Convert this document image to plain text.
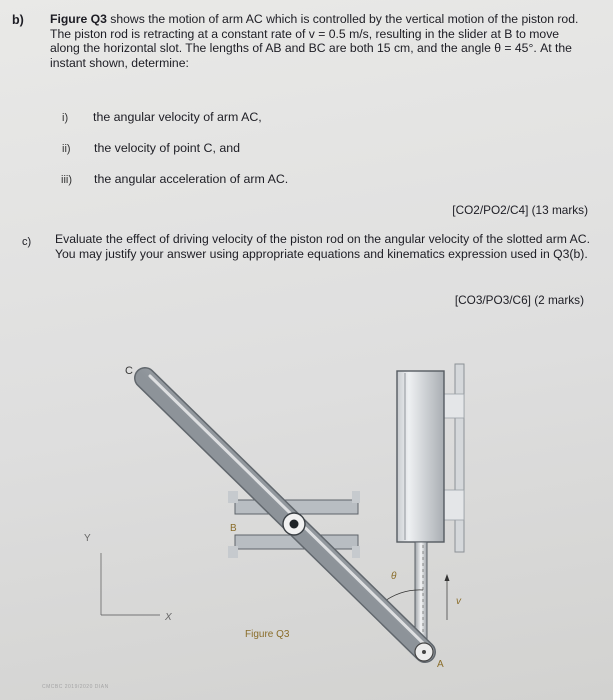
b) Figure Q3 shows the motion of arm AC which is controlled by the vertical motion of the piston rod. The piston rod is retracting at a constant rate of v = 0.5 m/s, resulting in the slider at B to move along the horizontal slot. The lengths of AB and BC are both 15 cm, and the angle θ = 45°. At the instant shown, determine:
i) the angular velocity of arm AC,
ii) the velocity of point C, and
iii) the angular acceleration of arm AC.
[CO2/PO2/C4] (13 marks)
c) Evaluate the effect of driving velocity of the piston rod on the angular velocity of the slotted arm AC. You may justify your answer using appropriate equations and kinematics expression used in Q3(b).
[CO3/PO3/C6] (2 marks)
C
B
θ
v
A
Y
X
Figure Q3
CMCBC 2019/2020 DIAN
